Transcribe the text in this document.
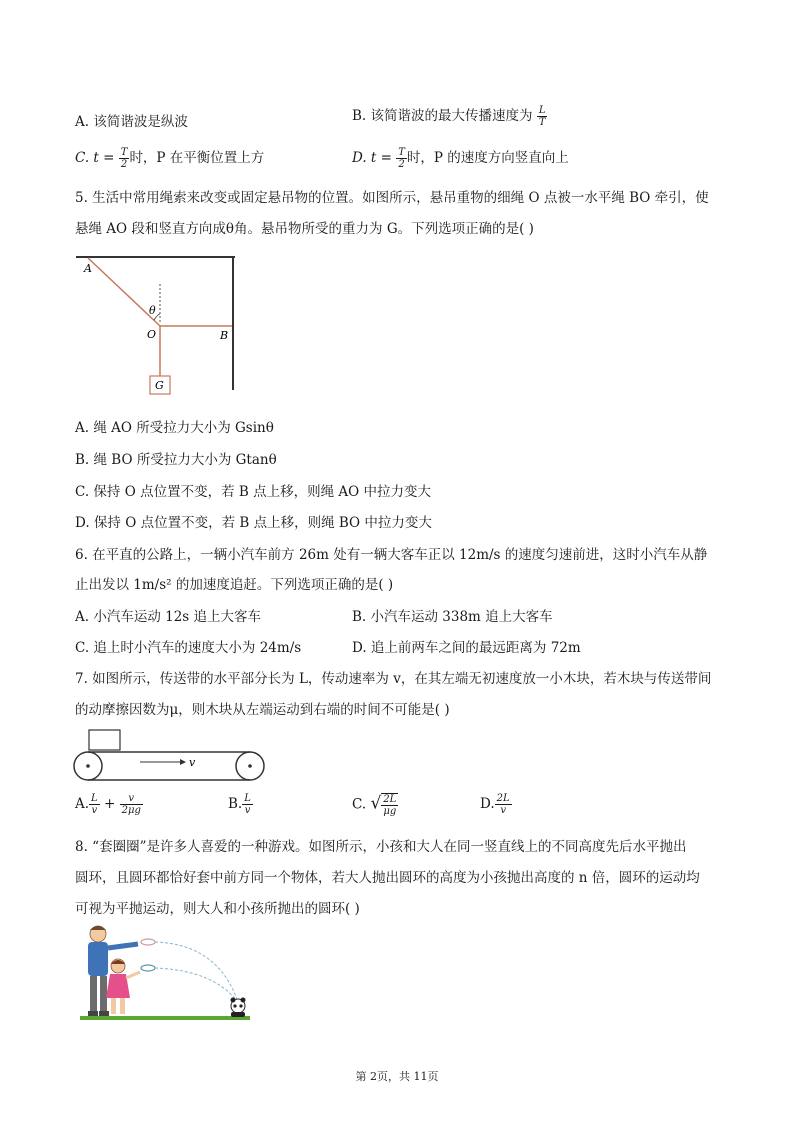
A. 该简谐波是纵波	B. 该简谐波的最大传播速度为 $\frac{L}{T}$
C. $t = \frac{T}{2}$ 时，P 在平衡位置上方	D. $t = \frac{T}{2}$ 时，P 的速度方向竖直向上
5. 生活中常用绳索来改变或固定悬吊物的位置。如图所示，悬吊重物的细绳 O 点被一水平绳 BO 牵引，使
悬绳 AO 段和竖直方向成θ角。悬吊物所受的重力为 G。下列选项正确的是( )
A
θ
O	B
G
A. 绳 AO 所受拉力大小为 Gsinθ
B. 绳 BO 所受拉力大小为 Gtanθ
C. 保持 O 点位置不变，若 B 点上移，则绳 AO 中拉力变大
D. 保持 O 点位置不变，若 B 点上移，则绳 BO 中拉力变大
6. 在平直的公路上，一辆小汽车前方 26m 处有一辆大客车正以 12m/s 的速度匀速前进，这时小汽车从静
止出发以 1m/s² 的加速度追赶。下列选项正确的是( )
A. 小汽车运动 12s 追上大客车	B. 小汽车运动 338m 追上大客车
C. 追上时小汽车的速度大小为 24m/s	D. 追上前两车之间的最远距离为 72m
7. 如图所示，传送带的水平部分长为 L，传动速率为 v，在其左端无初速度放一小木块，若木块与传送带间
的动摩擦因数为μ，则木块从左端运动到右端的时间不可能是( )
v
A. $\frac{L}{v} + \frac{v}{2\mu g}$	B. $\frac{L}{v}$	C. √ $\frac{2L}{\mu g}$	D. $\frac{2L}{v}$
8. “套圈圈”是许多人喜爱的一种游戏。如图所示，小孩和大人在同一竖直线上的不同高度先后水平抛出
圆环，且圆环都恰好套中前方同一个物体，若大人抛出圆环的高度为小孩抛出高度的 n 倍，圆环的运动均
可视为平抛运动，则大人和小孩所抛出的圆环( )
第 2页，共 11页
